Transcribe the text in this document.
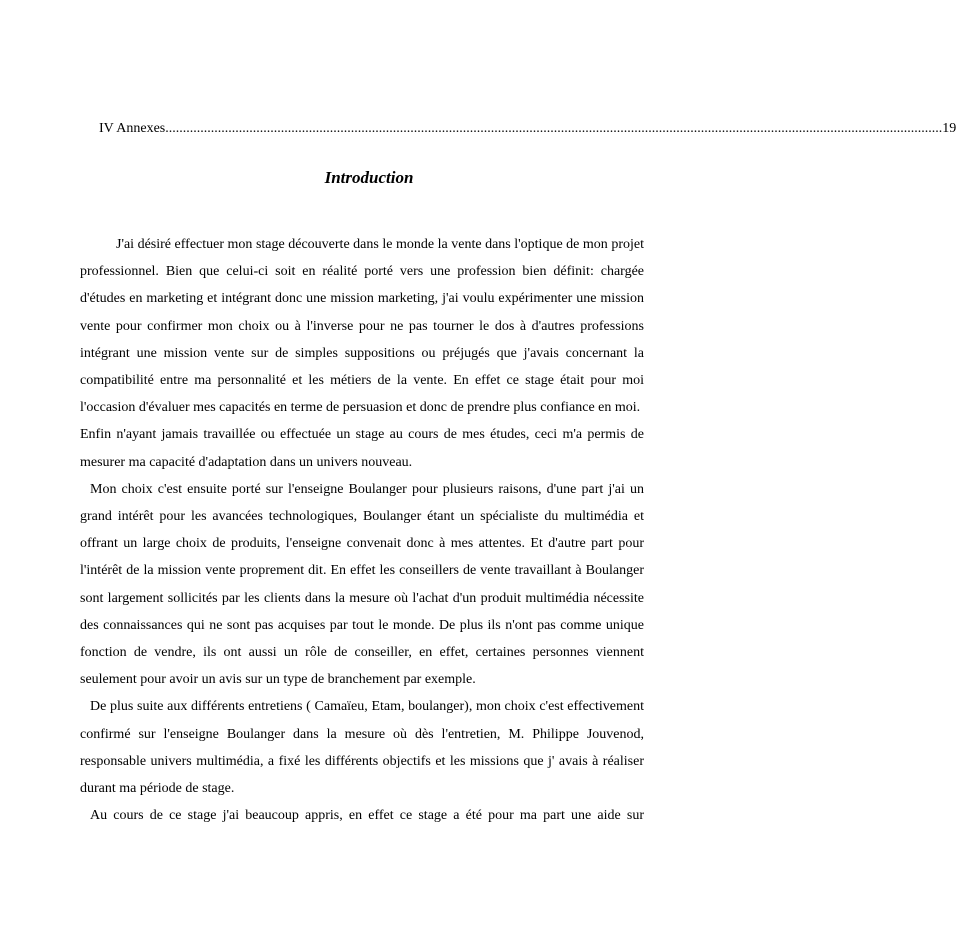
IV Annexes .............................................................................................................................................................................................................................. 19
Introduction

J'ai désiré effectuer mon stage découverte dans le monde la vente dans l'optique de mon projet professionnel. Bien que celui-ci soit en réalité porté vers une profession bien définit: chargée d'études en marketing et intégrant donc une mission marketing, j'ai voulu expérimenter une mission vente pour confirmer mon choix ou à l'inverse pour ne pas tourner le dos à d'autres professions intégrant une mission vente sur de simples suppositions ou préjugés que j'avais concernant la compatibilité entre ma personnalité et les métiers de la vente. En effet ce stage était pour moi l'occasion d'évaluer mes capacités en terme de persuasion et donc de prendre plus confiance en moi.

Enfin n'ayant jamais travaillée ou effectuée un stage au cours de mes études, ceci m'a permis de mesurer ma capacité d'adaptation dans un univers nouveau.

Mon choix c'est ensuite porté sur l'enseigne Boulanger pour plusieurs raisons, d'une part j'ai un grand intérêt pour les avancées technologiques, Boulanger étant un spécialiste du multimédia et offrant un large choix de produits, l'enseigne convenait donc à mes attentes. Et d'autre part pour l'intérêt de la mission vente proprement dit. En effet les conseillers de vente travaillant à Boulanger sont largement sollicités par les clients dans la mesure où l'achat d'un produit multimédia nécessite des connaissances qui ne sont pas acquises par tout le monde. De plus ils n'ont pas comme unique fonction de vendre, ils ont aussi un rôle de conseiller, en effet, certaines personnes viennent seulement pour avoir un avis sur un type de branchement par exemple.

De plus suite aux différents entretiens ( Camaïeu, Etam, boulanger), mon choix c'est effectivement confirmé sur l'enseigne Boulanger dans la mesure où dès l'entretien, M. Philippe Jouvenod, responsable univers multimédia, a fixé les différents objectifs et les missions que j' avais à réaliser durant ma période de stage.

Au cours de ce stage j'ai beaucoup appris, en effet ce stage a été pour ma part une aide sur
